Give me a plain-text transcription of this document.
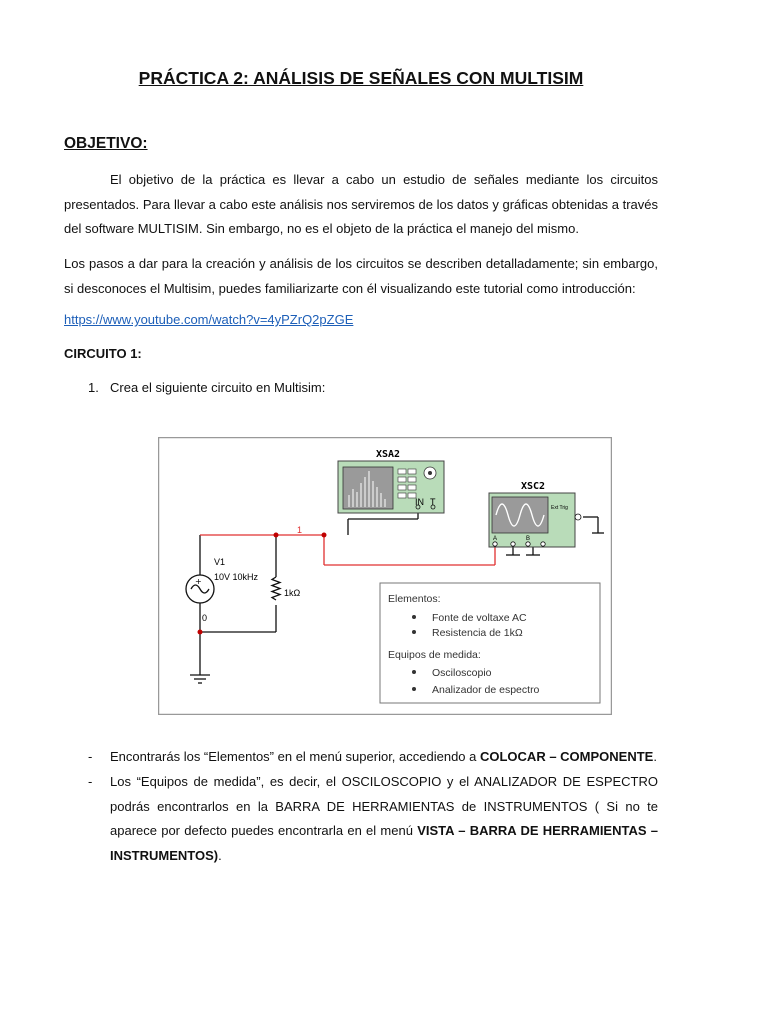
PRÁCTICA 2: ANÁLISIS DE SEÑALES CON MULTISIM
OBJETIVO:
El objetivo de la práctica es llevar a cabo un estudio de señales mediante los circuitos presentados. Para llevar a cabo este análisis nos serviremos de los datos y gráficas obtenidas a través del software MULTISIM. Sin embargo, no es el objeto de la práctica el manejo del mismo.
Los pasos a dar para la creación y análisis de los circuitos se describen detalladamente; sin embargo, si desconoces el Multisim, puedes familiarizarte con él visualizando este tutorial como introducción:
https://www.youtube.com/watch?v=4yPZrQ2pZGE
CIRCUITO 1:
1. Crea el siguiente circuito en Multisim:
+
V1
10V 10kHz
1kΩ
1
0
XSA2
IN T
XSC2
Ext Trig
A	B
Elementos:
Fonte de voltaxe AC
Resistencia de 1kΩ
Equipos de medida:
Osciloscopio
Analizador de espectro
- Encontrarás los “Elementos” en el menú superior, accediendo a COLOCAR – COMPONENTE.
- Los “Equipos de medida”, es decir, el OSCILOSCOPIO y el ANALIZADOR DE ESPECTRO podrás encontrarlos en la BARRA DE HERRAMIENTAS de INSTRUMENTOS ( Si no te aparece por defecto puedes encontrarla en el menú VISTA – BARRA DE HERRAMIENTAS – INSTRUMENTOS).
